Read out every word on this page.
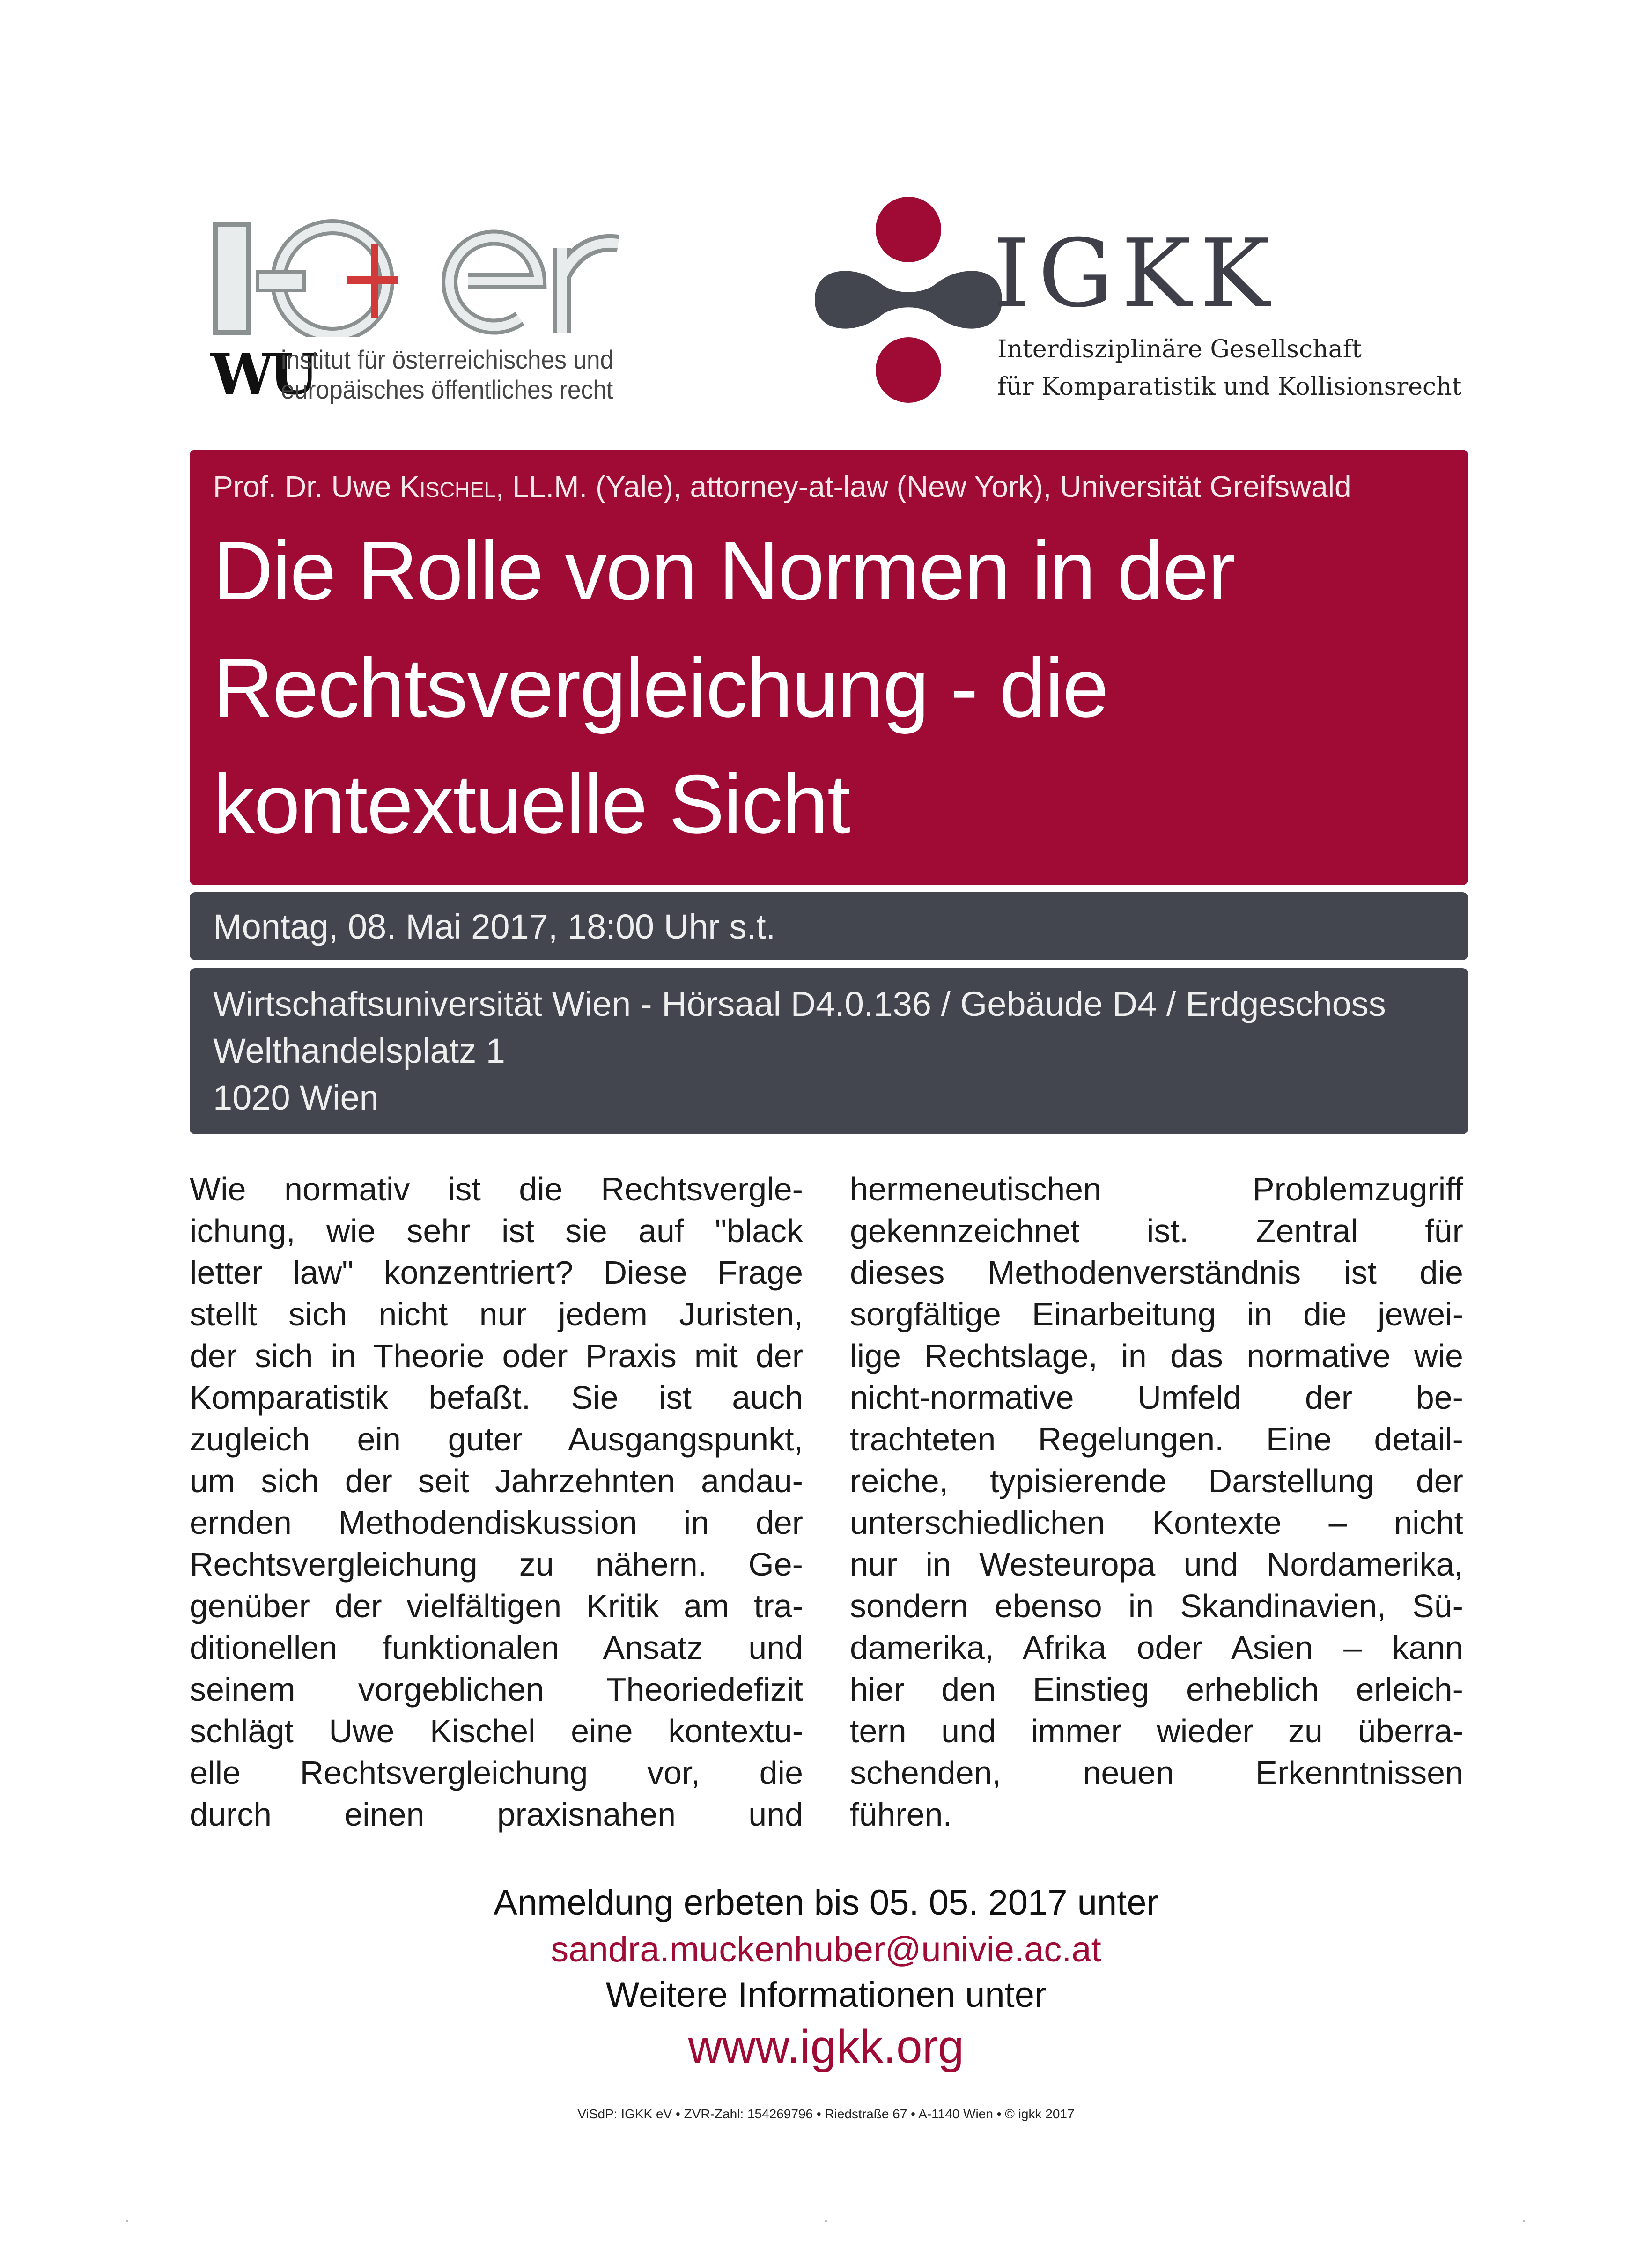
WU
institut für österreichisches und
europäisches öffentliches recht
IGKK
Interdisziplinäre Gesellschaft
für Komparatistik und Kollisionsrecht
Prof. Dr. Uwe Kischel, LL.M. (Yale), attorney-at-law (New York), Universität Greifswald
Die Rolle von Normen in der
Rechtsvergleichung - die
kontextuelle Sicht
Montag, 08. Mai 2017, 18:00 Uhr s.t.
Wirtschaftsuniversität Wien - Hörsaal D4.0.136 / Gebäude D4 / Erdgeschoss
Welthandelsplatz 1
1020 Wien
Wie normativ ist die Rechtsvergle-
ichung, wie sehr ist sie auf "black
letter law" konzentriert? Diese Frage
stellt sich nicht nur jedem Juristen,
der sich in Theorie oder Praxis mit der
Komparatistik befaßt. Sie ist auch
zugleich ein guter Ausgangspunkt,
um sich der seit Jahrzehnten andau-
ernden Methodendiskussion in der
Rechtsvergleichung zu nähern. Ge-
genüber der vielfältigen Kritik am tra-
ditionellen funktionalen Ansatz und
seinem vorgeblichen Theoriedefizit
schlägt Uwe Kischel eine kontextu-
elle Rechtsvergleichung vor, die
durch einen praxisnahen und
hermeneutischen Problemzugriff
gekennzeichnet ist. Zentral für
dieses Methodenverständnis ist die
sorgfältige Einarbeitung in die jewei-
lige Rechtslage, in das normative wie
nicht-normative Umfeld der be-
trachteten Regelungen. Eine detail-
reiche, typisierende Darstellung der
unterschiedlichen Kontexte – nicht
nur in Westeuropa und Nordamerika,
sondern ebenso in Skandinavien, Sü-
damerika, Afrika oder Asien – kann
hier den Einstieg erheblich erleich-
tern und immer wieder zu überra-
schenden, neuen Erkenntnissen
führen.
Anmeldung erbeten bis 05. 05. 2017 unter
sandra.muckenhuber@univie.ac.at
Weitere Informationen unter
www.igkk.org
ViSdP: IGKK eV • ZVR-Zahl: 154269796 • Riedstraße 67 • A-1140 Wien • © igkk 2017
